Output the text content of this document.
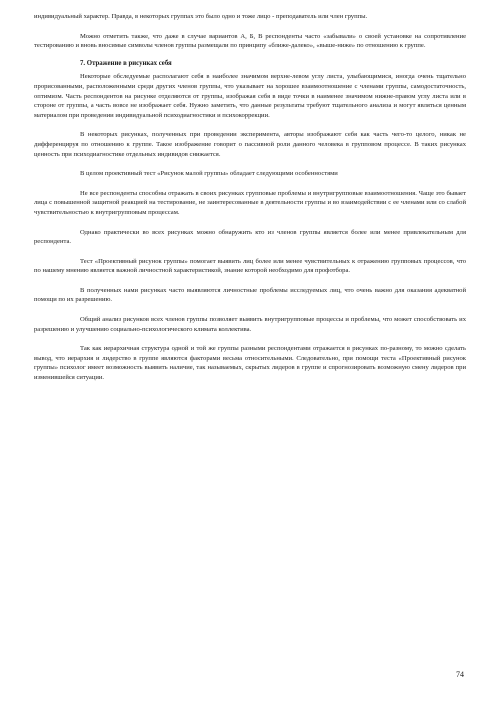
индивидуальный характер. Правда, в некоторых группах это было одно и тоже лицо - преподаватель или член группы.

Можно отметить также, что даже в случае вариантов А, Б, В респонденты часто «забывали» о своей установке на сопротивление тестированию и вновь вносимые символы членов группы размещали по принципу «ближе-далеко», «выше-ниже» по отношению к группе.

7. Отражение в рисунках себя

Некоторые обследуемые располагают себя в наиболее значимом верхне-левом углу листа, улыбающимися, иногда очень тщательно прорисованными, расположенными среди других членов группы, что указывает на хорошее взаимоотношение с членами группы, самодостаточность, оптимизм. Часть респондентов на рисунке отделяются от группы, изображая себя в виде точки в наименее значимом нижне-правом углу листа или в стороне от группы, а часть вовсе не изображает себя. Нужно заметить, что данные результаты требуют тщательного анализа и могут являться ценным материалом при проведении индивидуальной психодиагностики и психокоррекции.

В некоторых рисунках, полученных при проведении эксперимента, авторы изображают себя как часть чего-то целого, никак не дифференцируя по отношению к группе. Такое изображение говорит о пассивной роли данного человека в групповом процессе. В таких рисунках ценность при психодиагностике отдельных индивидов снижается.

В целом проективный тест «Рисунок малой группы» обладает следующими особенностями

Не все респонденты способны отражать в своих рисунках групповые проблемы и внутригрупповые взаимоотношения. Чаще это бывает лица с повышенной защитной реакцией на тестирование, не заинтересованные в деятельности группы и во взаимодействии с ее членами или со слабой чувствительностью к внутригрупповым процессам.

Однако практически во всех рисунках можно обнаружить кто из членов группы является более или менее привлекательным для респондента.

Тест «Проективный рисунок группы» помогает выявить лиц более или менее чувствительных к отражению групповых процессов, что по нашему мнению является важной личностной характеристикой, знание которой необходимо для профотбора.

В полученных нами рисунках часто выявляются личностные проблемы исследуемых лиц, что очень важно для оказания адекватной помощи по их разрешению.

Общий анализ рисунков всех членов группы позволяет выявить внутригрупповые процессы и проблемы, что может способствовать их разрешению и улучшению социально-психологического климата коллектива.

Так как иерархичная структура одной и той же группы разными респондентами отражается в рисунках по-разному, то можно сделать вывод, что иерархия и лидерство в группе являются факторами весьма относительными. Следовательно, при помощи теста «Проективный рисунок группы» психолог имеет возможность выявить наличие, так называемых, скрытых лидеров в группе и спрогнозировать возможную смену лидеров при изменившейся ситуации.

74
